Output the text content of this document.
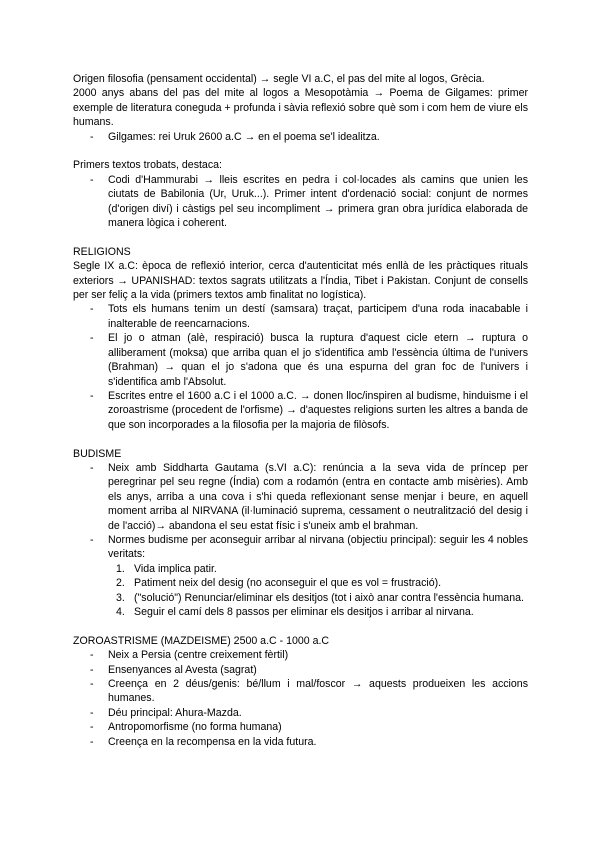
Origen filosofia (pensament occidental) → segle VI a.C, el pas del mite al logos, Grècia.

2000 anys abans del pas del mite al logos a Mesopotàmia → Poema de Gilgames: primer exemple de literatura coneguda + profunda i sàvia reflexió sobre què som i com hem de viure els humans.

- Gilgames: rei Uruk 2600 a.C → en el poema se'l idealitza.

Primers textos trobats, destaca:

- Codi d'Hammurabi → lleis escrites en pedra i col·locades als camins que unien les ciutats de Babilonia (Ur, Uruk...). Primer intent d'ordenació social: conjunt de normes (d'origen diví) i càstigs pel seu incompliment → primera gran obra jurídica elaborada de manera lògica i coherent.
RELIGIONS

Segle IX a.C: època de reflexió interior, cerca d'autenticitat més enllà de les pràctiques rituals exteriors → UPANISHAD: textos sagrats utilitzats a l'Índia, Tibet i Pakistan. Conjunt de consells per ser feliç a la vida (primers textos amb finalitat no logística).

- Tots els humans tenim un destí (samsara) traçat, participem d'una roda inacabable i inalterable de reencarnacions.
- El jo o atman (alè, respiració) busca la ruptura d'aquest cicle etern → ruptura o alliberament (moksa) que arriba quan el jo s'identifica amb l'essència última de l'univers (Brahman) → quan el jo s'adona que és una espurna del gran foc de l'univers i s'identifica amb l'Absolut.
- Escrites entre el 1600 a.C i el 1000 a.C. → donen lloc/inspiren al budisme, hinduisme i el zoroastrisme (procedent de l'orfisme) → d'aquestes religions surten les altres a banda de que son incorporades a la filosofia per la majoria de filòsofs.
BUDISME
- Neix amb Siddharta Gautama (s.VI a.C): renúncia a la seva vida de príncep per peregrinar pel seu regne (Índia) com a rodamón (entra en contacte amb misèries). Amb els anys, arriba a una cova i s'hi queda reflexionant sense menjar i beure, en aquell moment arriba al NIRVANA (il·luminació suprema, cessament o neutralització del desig i de l'acció)→ abandona el seu estat físic i s'uneix amb el brahman.
- Normes budisme per aconseguir arribar al nirvana (objectiu principal): seguir les 4 nobles veritats:
1. Vida implica patir.
2. Patiment neix del desig (no aconseguir el que es vol = frustració).
3. ("solució") Renunciar/eliminar els desitjos (tot i això anar contra l'essència humana.
4. Seguir el camí dels 8 passos per eliminar els desitjos i arribar al nirvana.
ZOROASTRISME (MAZDEISME) 2500 a.C - 1000 a.C
- Neix a Persia (centre creixement fèrtil)
- Ensenyances al Avesta (sagrat)
- Creença en 2 déus/genis: bé/llum i mal/foscor → aquests produeixen les accions humanes.
- Déu principal: Ahura-Mazda.
- Antropomorfisme (no forma humana)
- Creença en la recompensa en la vida futura.
